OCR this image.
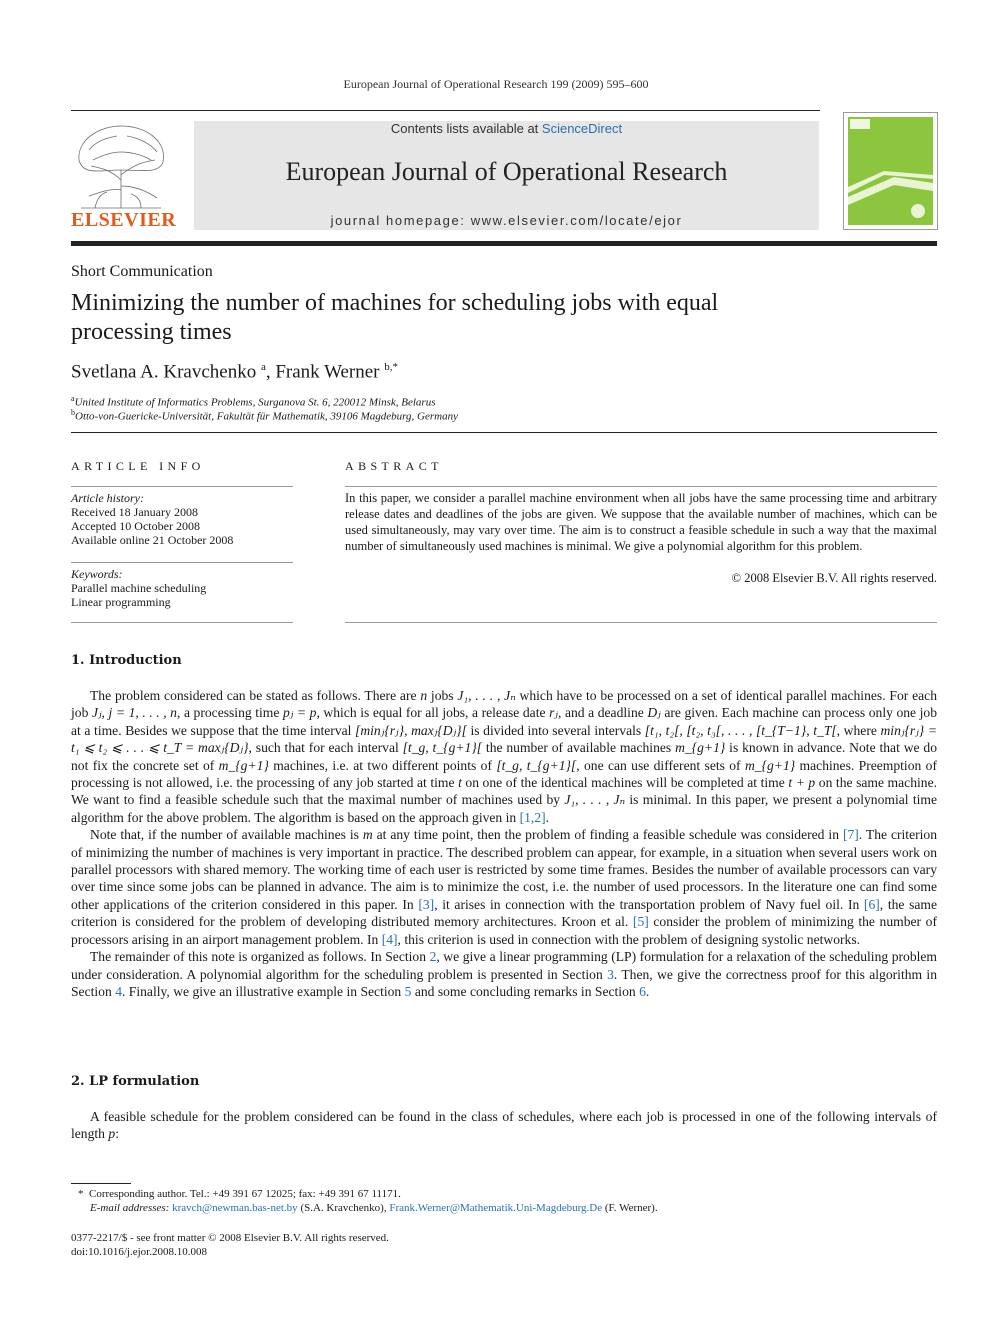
European Journal of Operational Research 199 (2009) 595–600
ELSEVIER
Contents lists available at ScienceDirect
European Journal of Operational Research
journal homepage: www.elsevier.com/locate/ejor
Short Communication
Minimizing the number of machines for scheduling jobs with equal processing times
Svetlana A. Kravchenko $^a$, Frank Werner $^{b,*}$
$^a$United Institute of Informatics Problems, Surganova St. 6, 220012 Minsk, Belarus
$^b$Otto-von-Guericke-Universität, Fakultät für Mathematik, 39106 Magdeburg, Germany
ARTICLE INFO
Article history:
Received 18 January 2008
Accepted 10 October 2008
Available online 21 October 2008
Keywords:
Parallel machine scheduling
Linear programming
ABSTRACT
In this paper, we consider a parallel machine environment when all jobs have the same processing time and arbitrary release dates and deadlines of the jobs are given. We suppose that the available number of machines, which can be used simultaneously, may vary over time. The aim is to construct a feasible schedule in such a way that the maximal number of simultaneously used machines is minimal. We give a polynomial algorithm for this problem.
© 2008 Elsevier B.V. All rights reserved.
1. Introduction

The problem considered can be stated as follows. There are n jobs J₁, . . . , Jₙ which have to be processed on a set of identical parallel machines. For each job Jⱼ, j = 1, . . . , n, a processing time pⱼ = p, which is equal for all jobs, a release date rⱼ, and a deadline Dⱼ are given. Each machine can process only one job at a time. Besides we suppose that the time interval [minⱼ{rⱼ}, maxⱼ{Dⱼ}[ is divided into several intervals [t₁, t₂[, [t₂, t₃[, . . . , [t_{T−1}, t_T[, where minⱼ{rⱼ} = t₁ ⩽ t₂ ⩽ . . . ⩽ t_T = maxⱼ{Dⱼ}, such that for each interval [t_g, t_{g+1}[ the number of available machines m_{g+1} is known in advance. Note that we do not fix the concrete set of m_{g+1} machines, i.e. at two different points of [t_g, t_{g+1}[, one can use different sets of m_{g+1} machines. Preemption of processing is not allowed, i.e. the processing of any job started at time t on one of the identical machines will be completed at time t + p on the same machine. We want to find a feasible schedule such that the maximal number of machines used by J₁, . . . , Jₙ is minimal. In this paper, we present a polynomial time algorithm for the above problem. The algorithm is based on the approach given in [1,2].

Note that, if the number of available machines is m at any time point, then the problem of finding a feasible schedule was considered in [7]. The criterion of minimizing the number of machines is very important in practice. The described problem can appear, for example, in a situation when several users work on parallel processors with shared memory. The working time of each user is restricted by some time frames. Besides the number of available processors can vary over time since some jobs can be planned in advance. The aim is to minimize the cost, i.e. the number of used processors. In the literature one can find some other applications of the criterion considered in this paper. In [3], it arises in connection with the transportation problem of Navy fuel oil. In [6], the same criterion is considered for the problem of developing distributed memory architectures. Kroon et al. [5] consider the problem of minimizing the number of processors arising in an airport management problem. In [4], this criterion is used in connection with the problem of designing systolic networks.

The remainder of this note is organized as follows. In Section 2, we give a linear programming (LP) formulation for a relaxation of the scheduling problem under consideration. A polynomial algorithm for the scheduling problem is presented in Section 3. Then, we give the correctness proof for this algorithm in Section 4. Finally, we give an illustrative example in Section 5 and some concluding remarks in Section 6.

2. LP formulation

A feasible schedule for the problem considered can be found in the class of schedules, where each job is processed in one of the following intervals of length p:

* Corresponding author. Tel.: +49 391 67 12025; fax: +49 391 67 11171.
E-mail addresses: kravch@newman.bas-net.by (S.A. Kravchenko), Frank.Werner@Mathematik.Uni-Magdeburg.De (F. Werner).
0377-2217/$ - see front matter © 2008 Elsevier B.V. All rights reserved.
doi:10.1016/j.ejor.2008.10.008
